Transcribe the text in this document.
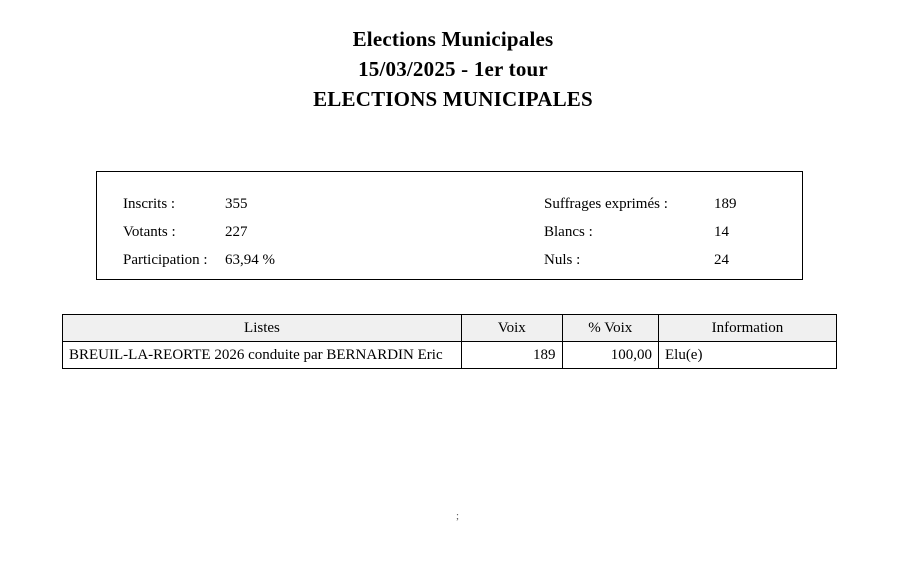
Elections Municipales
15/03/2025 - 1er tour
ELECTIONS MUNICIPALES
Inscrits :	355	Suffrages exprimés :	189
Votants :	227	Blancs :	14
Participation : 63,94 %	Nuls :	24
Listes	Voix	% Voix	Information
BREUIL-LA-REORTE 2026 conduite par BERNARDIN Eric	189	100,00	Elu(e)
;
